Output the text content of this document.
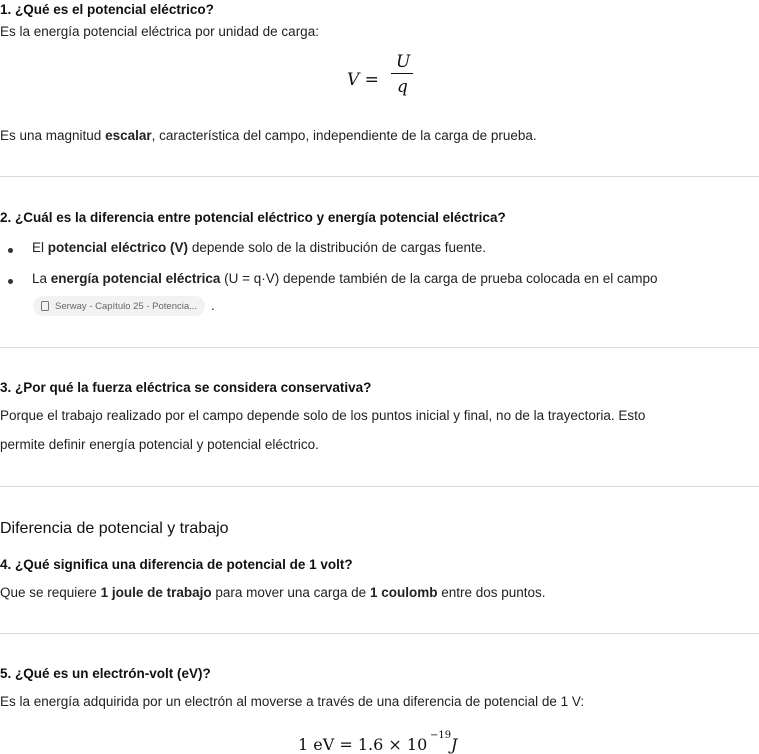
1. ¿Qué es el potencial eléctrico?
Es la energía potencial eléctrica por unidad de carga:
V =
U
q
Es una magnitud escalar, característica del campo, independiente de la carga de prueba.
2. ¿Cuál es la diferencia entre potencial eléctrico y energía potencial eléctrica?
El potencial eléctrico (V) depende solo de la distribución de cargas fuente.
La energía potencial eléctrica (U = q·V) depende también de la carga de prueba colocada en el campo
Serway - Capítulo 25 - Potencia... .
3. ¿Por qué la fuerza eléctrica se considera conservativa?
Porque el trabajo realizado por el campo depende solo de los puntos inicial y final, no de la trayectoria. Esto
permite definir energía potencial y potencial eléctrico.
Diferencia de potencial y trabajo
4. ¿Qué significa una diferencia de potencial de 1 volt?
Que se requiere 1 joule de trabajo para mover una carga de 1 coulomb entre dos puntos.
5. ¿Qué es un electrón-volt (eV)?
Es la energía adquirida por un electrón al moverse a través de una diferencia de potencial de 1 V:
1 eV = 1.6 × 10 −19 J
